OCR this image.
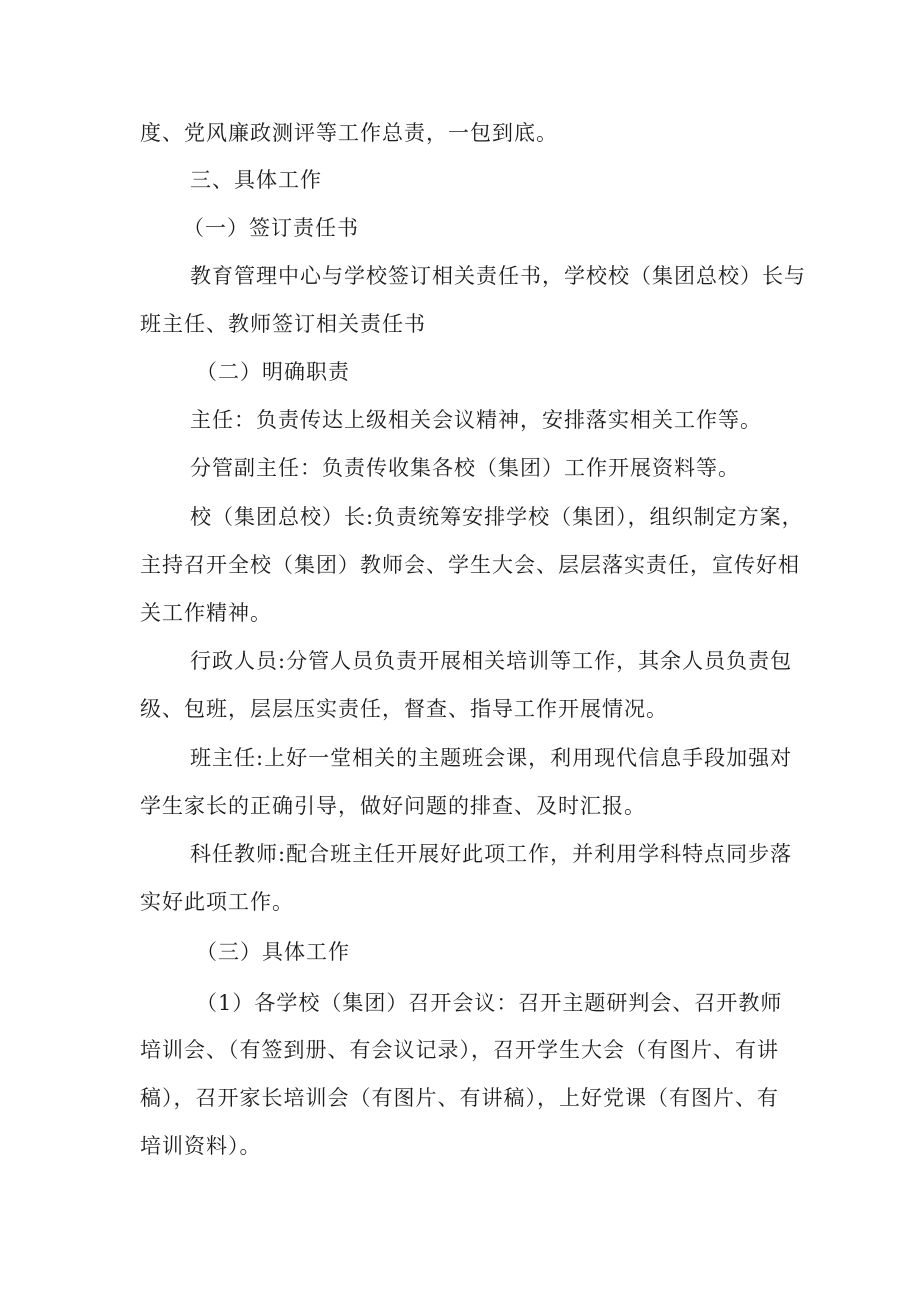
度、党风廉政测评等工作总责，一包到底。
三、具体工作
（一）签订责任书
教育管理中心与学校签订相关责任书，学校校（集团总校）长与
班主任、教师签订相关责任书
（二）明确职责
主任：负责传达上级相关会议精神，安排落实相关工作等。
分管副主任：负责传收集各校（集团）工作开展资料等。
校（集团总校）长:负责统筹安排学校（集团），组织制定方案，
主持召开全校（集团）教师会、学生大会、层层落实责任，宣传好相
关工作精神。
行政人员:分管人员负责开展相关培训等工作，其余人员负责包
级、包班，层层压实责任，督查、指导工作开展情况。
班主任:上好一堂相关的主题班会课，利用现代信息手段加强对
学生家长的正确引导，做好问题的排查、及时汇报。
科任教师:配合班主任开展好此项工作，并利用学科特点同步落
实好此项工作。
（三）具体工作
（1）各学校（集团）召开会议：召开主题研判会、召开教师
培训会、（有签到册、有会议记录），召开学生大会（有图片、有讲
稿），召开家长培训会（有图片、有讲稿），上好党课（有图片、有
培训资料）。
